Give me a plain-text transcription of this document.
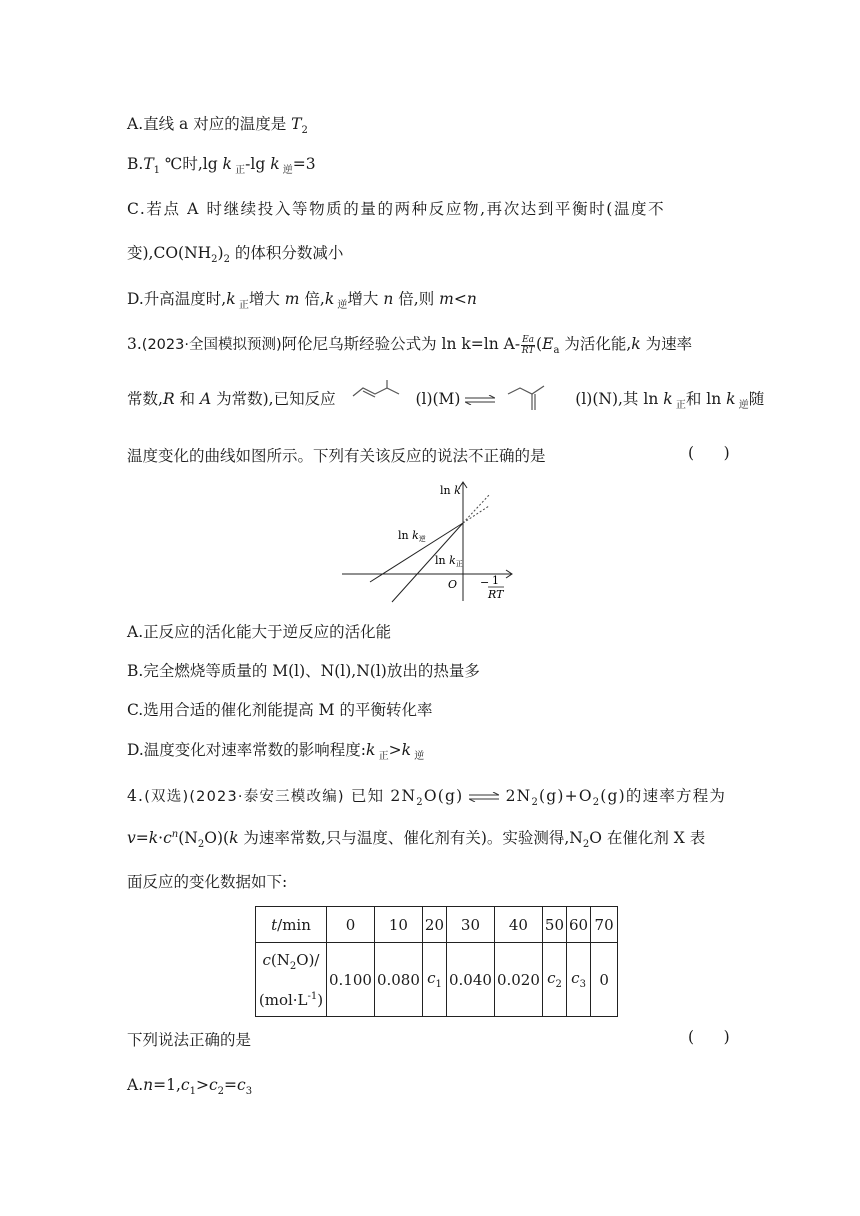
A.直线 a 对应的温度是 $T_2$
$B.T_1$ ℃时,lg k $_正$-lg k $_逆$=3
C.若点 A 时继续投入等物质的量的两种反应物,再次达到平衡时(温度不
变)$,CO(NH_2)_2$ 的体积分数减小
D.升高温度时,k $_正$增大 m 倍,k $_逆$增大 n 倍,则 m<n
3.(2023·全国模拟预测)阿伦尼乌斯经验公式为 ln k=ln $A- \frac{Ea}{RT} (E_a$ 为活化能,k 为速率
常数,R 和 A 为常数),已知反应	(l)(M) ⇌	(l)(N),其 ln k $_正$和 ln k $_逆$随
温度变化的曲线如图所示。下列有关该反应的说法不正确的是	(      )
ln k
ln k逆
ln k正
O − 1
RT
A.正反应的活化能大于逆反应的活化能
B.完全燃烧等质量的 M(l)、N(l),N(l)放出的热量多
C.选用合适的催化剂能提高 M 的平衡转化率
D.温度变化对速率常数的影响程度:k $_正$>k $_逆$
4.(双选)(2023·泰安三模改编) 已知 $2N_2O(g)$ ⇌ $2N_2(g)+O_2(g)$的速率方程为
$v=k\cdot c^n(N_2O)(k$ 为速率常数,只与温度、催化剂有关)。实验测得$,N_2O$ 在催化剂 X 表
面反应的变化数据如下:
t/min	0	10	20	30	40	50	60	70
$c(N_2O)/$
$(mol\cdot L^{-1})$	0.100	0.080	$c_1$	0.040	0.020	$c_2$	$c_3$	0
下列说法正确的是	(      )
$A.n=1,c_1>c_2=c_3$
